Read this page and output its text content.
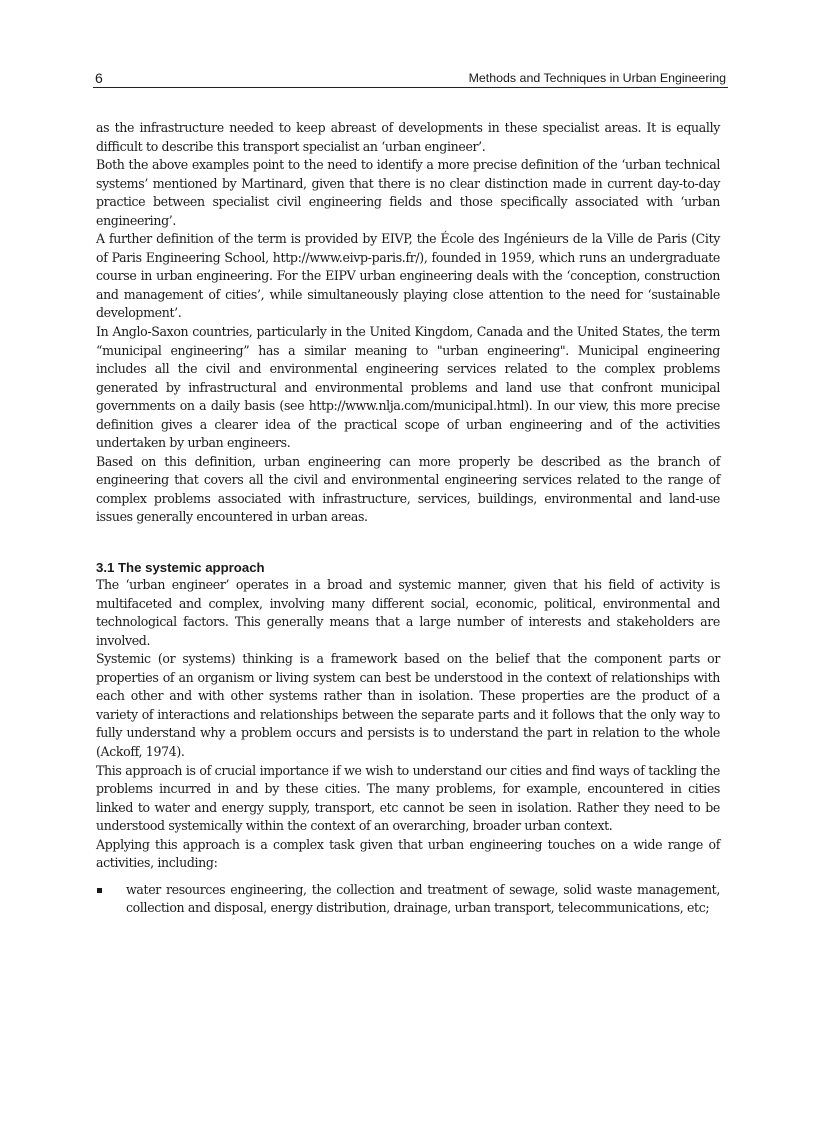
6	Methods and Techniques in Urban Engineering

as the infrastructure needed to keep abreast of developments in these specialist areas. It is equally difficult to describe this transport specialist an ‘urban engineer’.

Both the above examples point to the need to identify a more precise definition of the ‘urban technical systems’ mentioned by Martinard, given that there is no clear distinction made in current day-to-day practice between specialist civil engineering fields and those specifically associated with ‘urban engineering’.

A further definition of the term is provided by EIVP, the École des Ingénieurs de la Ville de Paris (City of Paris Engineering School, http://www.eivp-paris.fr/), founded in 1959, which runs an undergraduate course in urban engineering. For the EIPV urban engineering deals with the ‘conception, construction and management of cities’, while simultaneously playing close attention to the need for ‘sustainable development’.

In Anglo-Saxon countries, particularly in the United Kingdom, Canada and the United States, the term “municipal engineering” has a similar meaning to "urban engineering". Municipal engineering includes all the civil and environmental engineering services related to the complex problems generated by infrastructural and environmental problems and land use that confront municipal governments on a daily basis (see http://www.nlja.com/municipal.html). In our view, this more precise definition gives a clearer idea of the practical scope of urban engineering and of the activities undertaken by urban engineers.

Based on this definition, urban engineering can more properly be described as the branch of engineering that covers all the civil and environmental engineering services related to the range of complex problems associated with infrastructure, services, buildings, environmental and land-use issues generally encountered in urban areas.

3.1 The systemic approach

The ‘urban engineer’ operates in a broad and systemic manner, given that his field of activity is multifaceted and complex, involving many different social, economic, political, environmental and technological factors. This generally means that a large number of interests and stakeholders are involved.

Systemic (or systems) thinking is a framework based on the belief that the component parts or properties of an organism or living system can best be understood in the context of relationships with each other and with other systems rather than in isolation. These properties are the product of a variety of interactions and relationships between the separate parts and it follows that the only way to fully understand why a problem occurs and persists is to understand the part in relation to the whole (Ackoff, 1974).

This approach is of crucial importance if we wish to understand our cities and find ways of tackling the problems incurred in and by these cities. The many problems, for example, encountered in cities linked to water and energy supply, transport, etc cannot be seen in isolation. Rather they need to be understood systemically within the context of an overarching, broader urban context.

Applying this approach is a complex task given that urban engineering touches on a wide range of activities, including:

water resources engineering, the collection and treatment of sewage, solid waste management, collection and disposal, energy distribution, drainage, urban transport, telecommunications, etc;
